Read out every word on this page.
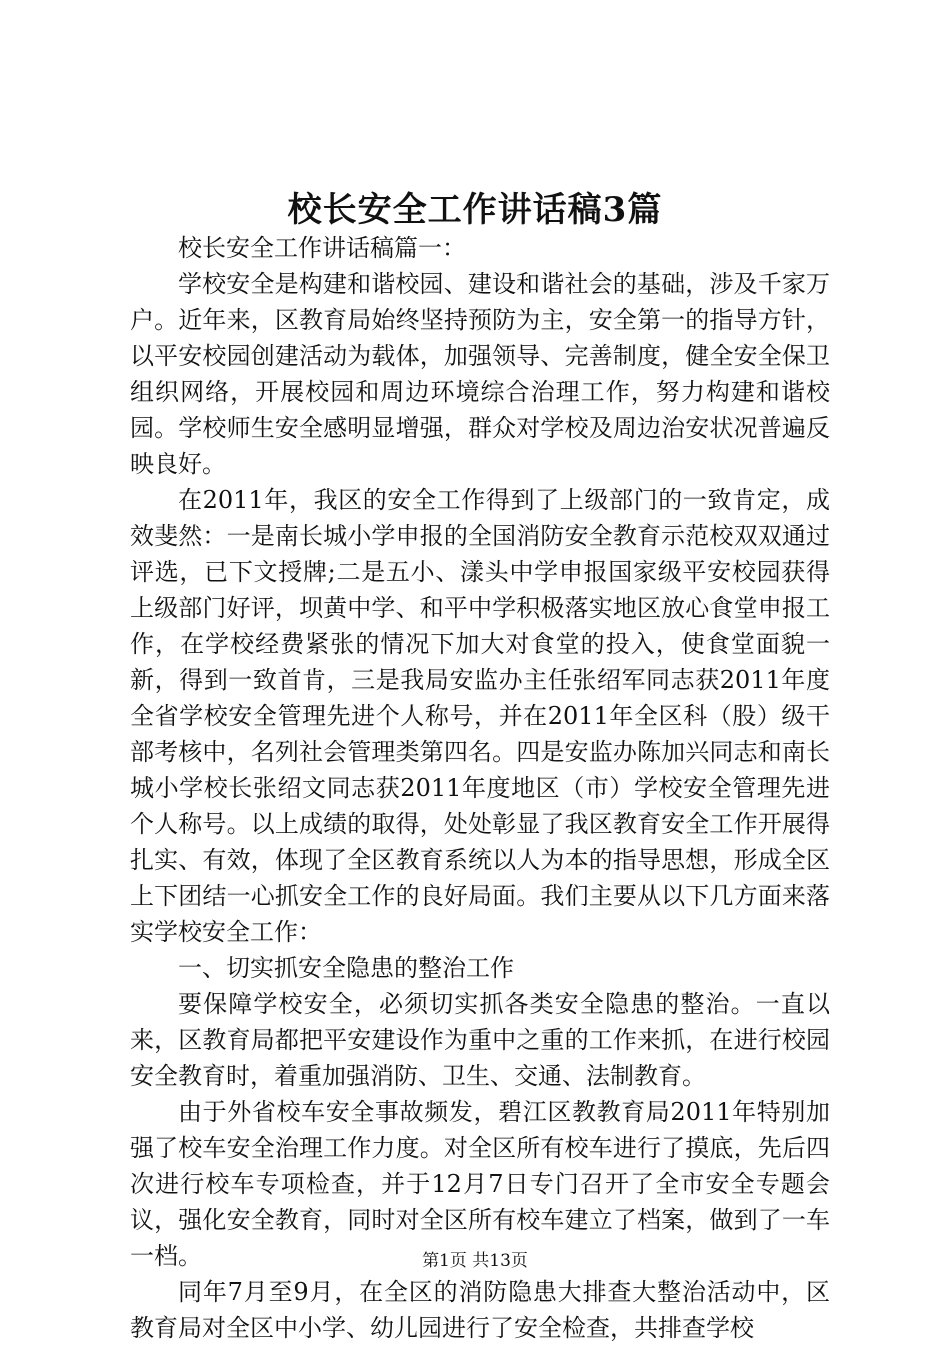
校长安全工作讲话稿3篇

校长安全工作讲话稿篇一：

学校安全是构建和谐校园、建设和谐社会的基础，涉及千家万户。近年来，区教育局始终坚持预防为主，安全第一的指导方针，以平安校园创建活动为载体，加强领导、完善制度，健全安全保卫组织网络，开展校园和周边环境综合治理工作，努力构建和谐校园。学校师生安全感明显增强，群众对学校及周边治安状况普遍反映良好。

在2011年，我区的安全工作得到了上级部门的一致肯定，成效斐然：一是南长城小学申报的全国消防安全教育示范校双双通过评选，已下文授牌;二是五小、漾头中学申报国家级平安校园获得上级部门好评，坝黄中学、和平中学积极落实地区放心食堂申报工作，在学校经费紧张的情况下加大对食堂的投入，使食堂面貌一新，得到一致首肯，三是我局安监办主任张绍军同志获2011年度全省学校安全管理先进个人称号，并在2011年全区科（股）级干部考核中，名列社会管理类第四名。四是安监办陈加兴同志和南长城小学校长张绍文同志获2011年度地区（市）学校安全管理先进个人称号。以上成绩的取得，处处彰显了我区教育安全工作开展得扎实、有效，体现了全区教育系统以人为本的指导思想，形成全区上下团结一心抓安全工作的良好局面。我们主要从以下几方面来落实学校安全工作：

一、切实抓安全隐患的整治工作

要保障学校安全，必须切实抓各类安全隐患的整治。一直以来，区教育局都把平安建设作为重中之重的工作来抓，在进行校园安全教育时，着重加强消防、卫生、交通、法制教育。

由于外省校车安全事故频发，碧江区教教育局2011年特别加强了校车安全治理工作力度。对全区所有校车进行了摸底，先后四次进行校车专项检查，并于12月7日专门召开了全市安全专题会议，强化安全教育，同时对全区所有校车建立了档案，做到了一车一档。

同年7月至9月，在全区的消防隐患大排查大整治活动中，区教育局对全区中小学、幼儿园进行了安全检查，共排查学校

第1页 共13页
